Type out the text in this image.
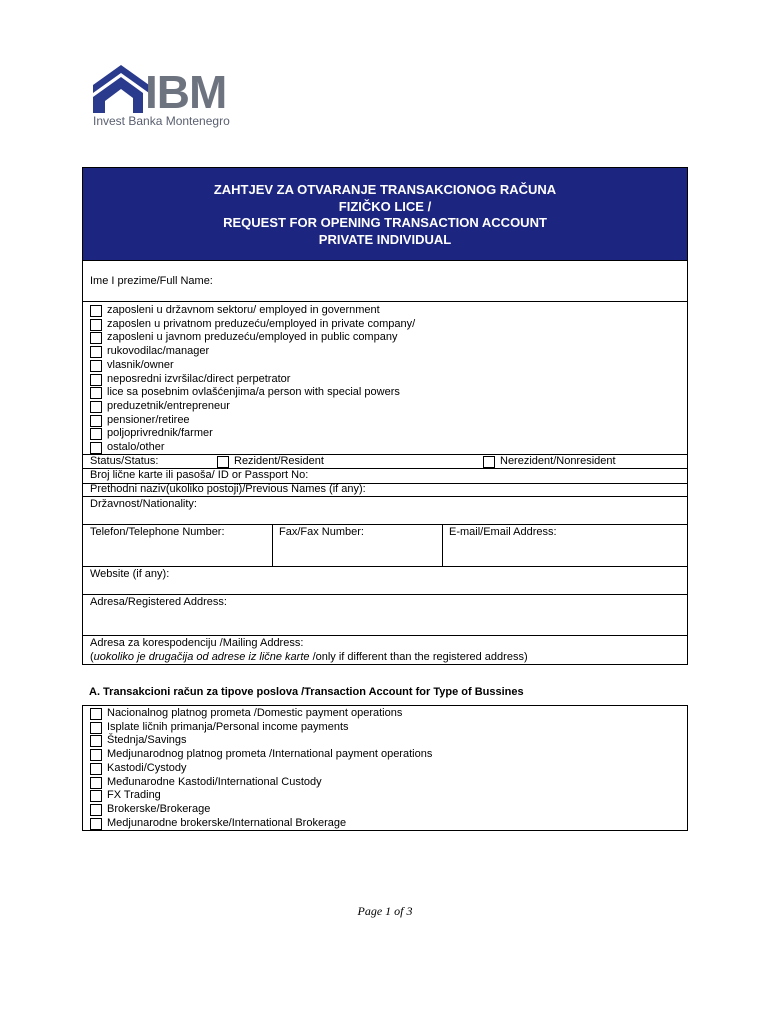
IBM
Invest Banka Montenegro
ZAHTJEV ZA OTVARANJE TRANSAKCIONOG RAČUNA
FIZIČKO LICE /
REQUEST FOR OPENING TRANSACTION ACCOUNT
PRIVATE INDIVIDUAL
Ime I prezime/Full Name:
zaposleni u državnom sektoru/ employed in government
zaposlen u privatnom preduzeću/employed in private company/
zaposleni u javnom preduzeću/employed in public company
rukovodilac/manager
vlasnik/owner
neposredni izvršilac/direct perpetrator
lice sa posebnim ovlašćenjima/a person with special powers
preduzetnik/entrepreneur
pensioner/retiree
poljoprivrednik/farmer
ostalo/other
Status/Status:	Rezident/Resident	Nerezident/Nonresident
Broj lične karte ili pasoša/ ID or Passport No:
Prethodni naziv(ukoliko postoji)/Previous Names (if any):
Državnost/Nationality:
Telefon/Telephone Number:	Fax/Fax Number:	E-mail/Email Address:
Website (if any):
Adresa/Registered Address:
Adresa za korespodenciju /Mailing Address:
(uokoliko je drugačija od adrese iz lične karte /only if different than the registered address)
A. Transakcioni račun za tipove poslova /Transaction Account for Type of Bussines
Nacionalnog platnog prometa /Domestic payment operations
Isplate ličnih primanja/Personal income payments
Štednja/Savings
Medjunarodnog platnog prometa /International payment operations
Kastodi/Cystody
Međunarodne Kastodi/International Custody
FX Trading
Brokerske/Brokerage
Medjunarodne brokerske/International Brokerage
Page 1 of 3
